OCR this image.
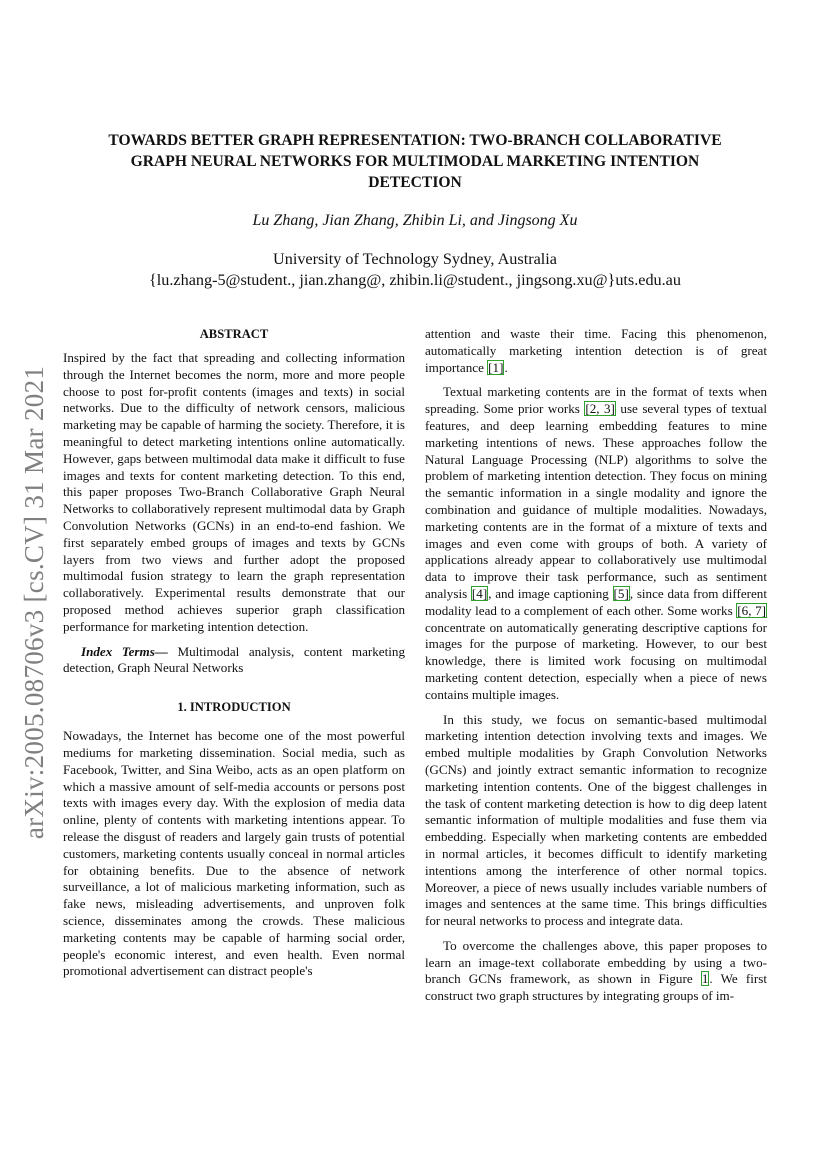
arXiv:2005.08706v3 [cs.CV] 31 Mar 2021
TOWARDS BETTER GRAPH REPRESENTATION: TWO-BRANCH COLLABORATIVE
GRAPH NEURAL NETWORKS FOR MULTIMODAL MARKETING INTENTION
DETECTION
Lu Zhang, Jian Zhang, Zhibin Li, and Jingsong Xu
University of Technology Sydney, Australia
{lu.zhang-5@student., jian.zhang@, zhibin.li@student., jingsong.xu@}uts.edu.au
ABSTRACT

Inspired by the fact that spreading and collecting information through the Internet becomes the norm, more and more people choose to post for-profit contents (images and texts) in social networks. Due to the difficulty of network censors, malicious marketing may be capable of harming the society. Therefore, it is meaningful to detect marketing intentions online automatically. However, gaps between multimodal data make it difficult to fuse images and texts for content marketing detection. To this end, this paper proposes Two-Branch Collaborative Graph Neural Networks to collaboratively represent multimodal data by Graph Convolution Networks (GCNs) in an end-to-end fashion. We first separately embed groups of images and texts by GCNs layers from two views and further adopt the proposed multimodal fusion strategy to learn the graph representation collaboratively. Experimental results demonstrate that our proposed method achieves superior graph classification performance for marketing intention detection.

Index Terms— Multimodal analysis, content marketing detection, Graph Neural Networks

1. INTRODUCTION

Nowadays, the Internet has become one of the most powerful mediums for marketing dissemination. Social media, such as Facebook, Twitter, and Sina Weibo, acts as an open platform on which a massive amount of self-media accounts or persons post texts with images every day. With the explosion of media data online, plenty of contents with marketing intentions appear. To release the disgust of readers and largely gain trusts of potential customers, marketing contents usually conceal in normal articles for obtaining benefits. Due to the absence of network surveillance, a lot of malicious marketing information, such as fake news, misleading advertisements, and unproven folk science, disseminates among the crowds. These malicious marketing contents may be capable of harming social order, people's economic interest, and even health. Even normal promotional advertisement can distract people's

attention and waste their time. Facing this phenomenon, automatically marketing intention detection is of great importance [1].

Textual marketing contents are in the format of texts when spreading. Some prior works [2, 3] use several types of textual features, and deep learning embedding features to mine marketing intentions of news. These approaches follow the Natural Language Processing (NLP) algorithms to solve the problem of marketing intention detection. They focus on mining the semantic information in a single modality and ignore the combination and guidance of multiple modalities. Nowadays, marketing contents are in the format of a mixture of texts and images and even come with groups of both. A variety of applications already appear to collaboratively use multimodal data to improve their task performance, such as sentiment analysis [4], and image captioning [5], since data from different modality lead to a complement of each other. Some works [6, 7] concentrate on automatically generating descriptive captions for images for the purpose of marketing. However, to our best knowledge, there is limited work focusing on multimodal marketing content detection, especially when a piece of news contains multiple images.

In this study, we focus on semantic-based multimodal marketing intention detection involving texts and images. We embed multiple modalities by Graph Convolution Networks (GCNs) and jointly extract semantic information to recognize marketing intention contents. One of the biggest challenges in the task of content marketing detection is how to dig deep latent semantic information of multiple modalities and fuse them via embedding. Especially when marketing contents are embedded in normal articles, it becomes difficult to identify marketing intentions among the interference of other normal topics. Moreover, a piece of news usually includes variable numbers of images and sentences at the same time. This brings difficulties for neural networks to process and integrate data.

To overcome the challenges above, this paper proposes to learn an image-text collaborate embedding by using a two-branch GCNs framework, as shown in Figure 1. We first construct two graph structures by integrating groups of im-
